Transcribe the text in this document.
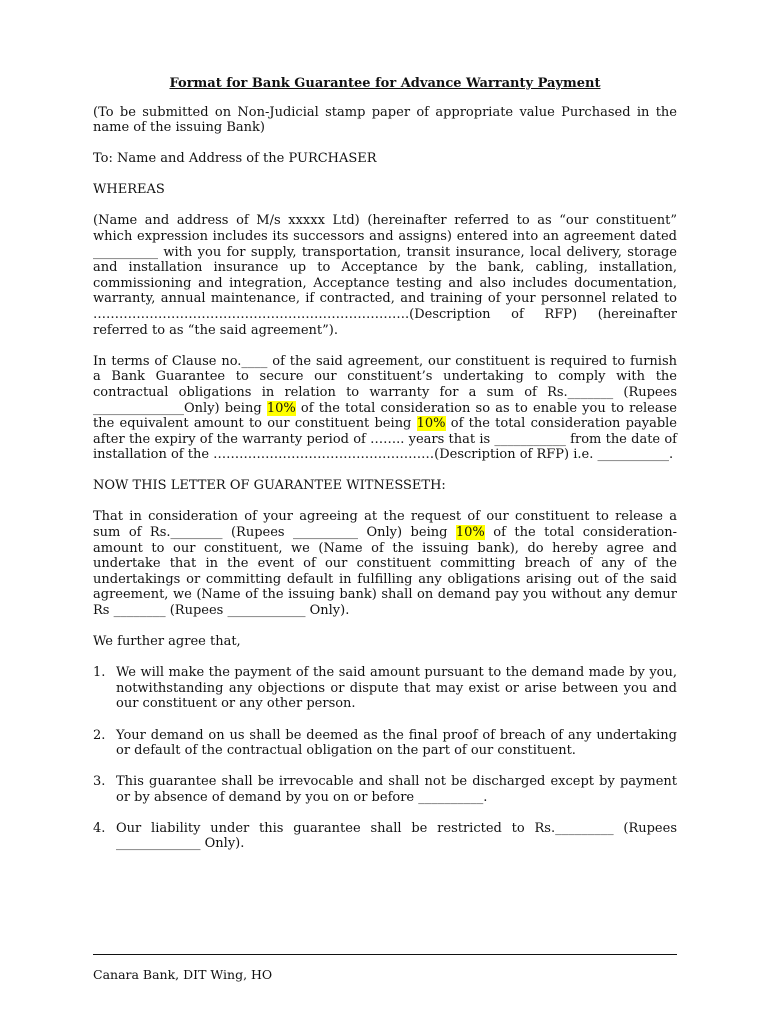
Format for Bank Guarantee for Advance Warranty Payment

(To be submitted on Non-Judicial stamp paper of appropriate value Purchased in the name of the issuing Bank)

To: Name and Address of the PURCHASER

WHEREAS

(Name and address of M/s xxxxx Ltd) (hereinafter referred to as “our constituent” which expression includes its successors and assigns) entered into an agreement dated __________ with you for supply, transportation, transit insurance, local delivery, storage and installation insurance up to Acceptance by the bank, cabling, installation, commissioning and integration, Acceptance testing and also includes documentation, warranty, annual maintenance, if contracted, and training of your personnel related to ……………………………………………………………….(Description of RFP) (hereinafter referred to as “the said agreement”).

In terms of Clause no.____ of the said agreement, our constituent is required to furnish a Bank Guarantee to secure our constituent’s undertaking to comply with the contractual obligations in relation to warranty for a sum of Rs._______ (Rupees ______________Only) being 10% of the total consideration so as to enable you to release the equivalent amount to our constituent being 10% of the total consideration payable after the expiry of the warranty period of …….. years that is ___________ from the date of installation of the ……………………………………………(Description of RFP) i.e. ___________.

NOW THIS LETTER OF GUARANTEE WITNESSETH:

That in consideration of your agreeing at the request of our constituent to release a sum of Rs.________ (Rupees __________ Only) being 10% of the total consideration-amount to our constituent, we (Name of the issuing bank), do hereby agree and undertake that in the event of our constituent committing breach of any of the undertakings or committing default in fulfilling any obligations arising out of the said agreement, we (Name of the issuing bank) shall on demand pay you without any demur Rs ________ (Rupees ____________ Only).

We further agree that,

1. We will make the payment of the said amount pursuant to the demand made by you, notwithstanding any objections or dispute that may exist or arise between you and our constituent or any other person.
2. Your demand on us shall be deemed as the final proof of breach of any undertaking or default of the contractual obligation on the part of our constituent.
3. This guarantee shall be irrevocable and shall not be discharged except by payment or by absence of demand by you on or before __________.
4. Our liability under this guarantee shall be restricted to Rs._________ (Rupees _____________ Only).
Canara Bank, DIT Wing, HO
